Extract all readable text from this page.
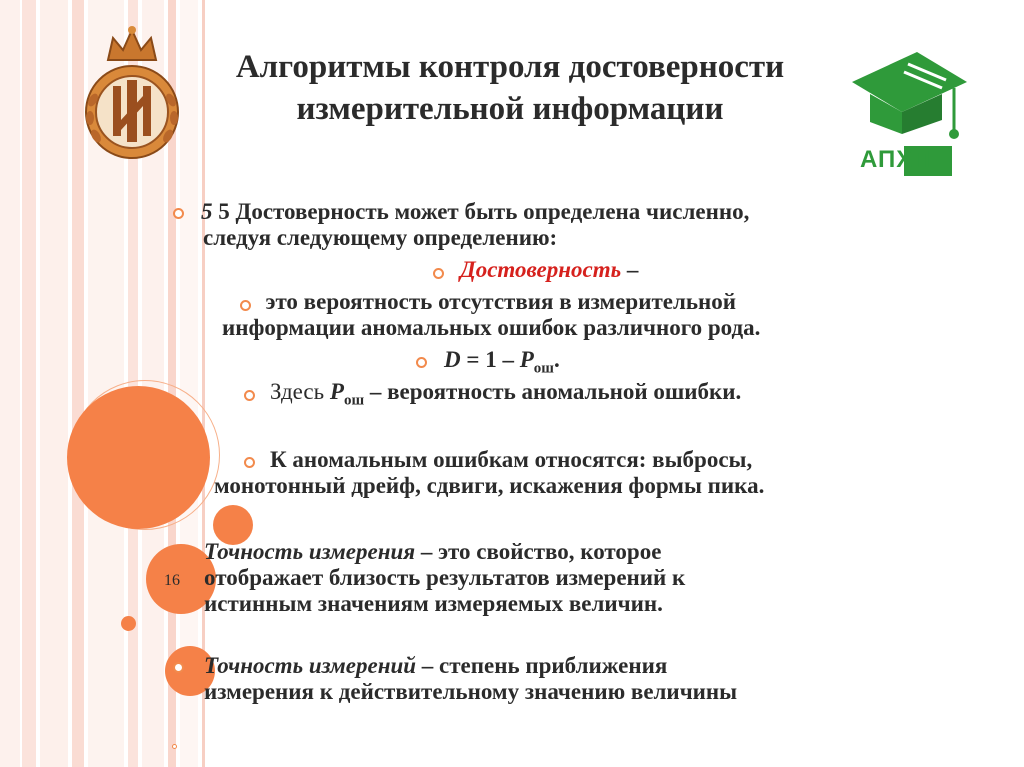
16
АПХП
Алгоритмы контроля достоверности
измерительной информации
5 5 Достоверность может быть определена численно,
следуя следующему определению:
Достоверность –
это вероятность отсутствия в измерительной
информации аномальных ошибок различного рода.
$D = 1 - P_{ош}$.
Здесь $P_{ош}$ – вероятность аномальной ошибки.
К аномальным ошибкам относятся: выбросы,
монотонный дрейф, сдвиги, искажения формы пика.
Точность измерения – это свойство, которое
отображает близость результатов измерений к
истинным значениям измеряемых величин.
Точность измерений – степень приближения
измерения к действительному значению величины
